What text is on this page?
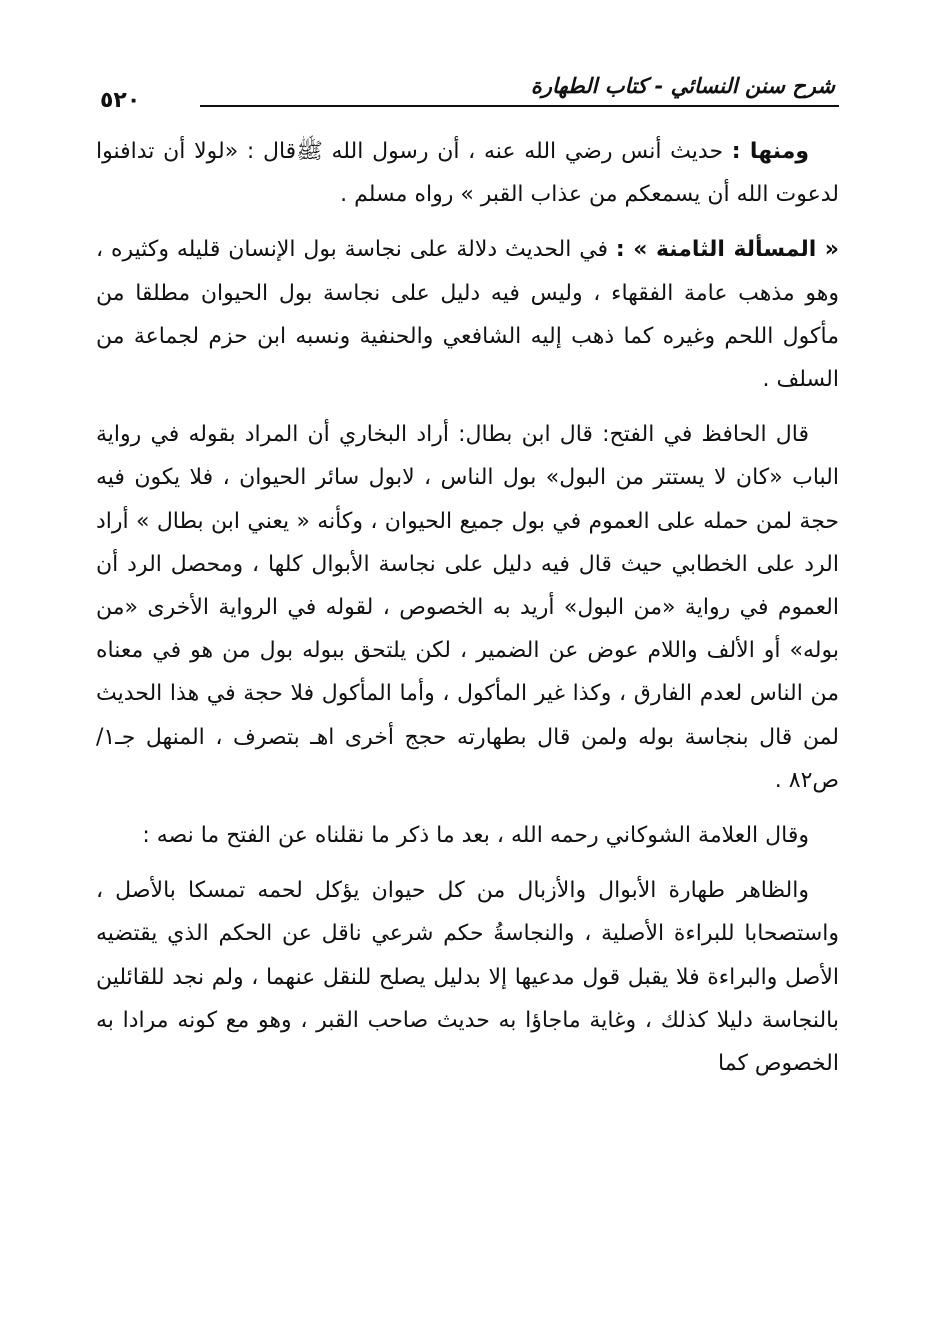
شرح سنن النسائي - كتاب الطهارة
٥٢٠

ومنها : حديث أنس رضي الله عنه ، أن رسول الله ﷺقال : «لولا أن تدافنوا لدعوت الله أن يسمعكم من عذاب القبر » رواه مسلم .

« المسألة الثامنة » : في الحديث دلالة على نجاسة بول الإنسان قليله وكثيره ، وهو مذهب عامة الفقهاء ، وليس فيه دليل على نجاسة بول الحيوان مطلقا من مأكول اللحم وغيره كما ذهب إليه الشافعي والحنفية ونسبه ابن حزم لجماعة من السلف .

قال الحافظ في الفتح: قال ابن بطال: أراد البخاري أن المراد بقوله في رواية الباب «كان لا يستتر من البول» بول الناس ، لابول سائر الحيوان ، فلا يكون فيه حجة لمن حمله على العموم في بول جميع الحيوان ، وكأنه « يعني ابن بطال » أراد الرد على الخطابي حيث قال فيه دليل على نجاسة الأبوال كلها ، ومحصل الرد أن العموم في رواية «من البول» أريد به الخصوص ، لقوله في الرواية الأخرى «من بوله» أو الألف واللام عوض عن الضمير ، لكن يلتحق ببوله بول من هو في معناه من الناس لعدم الفارق ، وكذا غير المأكول ، وأما المأكول فلا حجة في هذا الحديث لمن قال بنجاسة بوله ولمن قال بطهارته حجج أخرى اهـ بتصرف ، المنهل جـ١/ ص٨٢ .

وقال العلامة الشوكاني رحمه الله ، بعد ما ذكر ما نقلناه عن الفتح ما نصه :

والظاهر طهارة الأبوال والأزبال من كل حيوان يؤكل لحمه تمسكا بالأصل ، واستصحابا للبراءة الأصلية ، والنجاسةُ حكم شرعي ناقل عن الحكم الذي يقتضيه الأصل والبراءة فلا يقبل قول مدعيها إلا بدليل يصلح للنقل عنهما ، ولم نجد للقائلين بالنجاسة دليلا كذلك ، وغاية ماجاؤا به حديث صاحب القبر ، وهو مع كونه مرادا به الخصوص كما
